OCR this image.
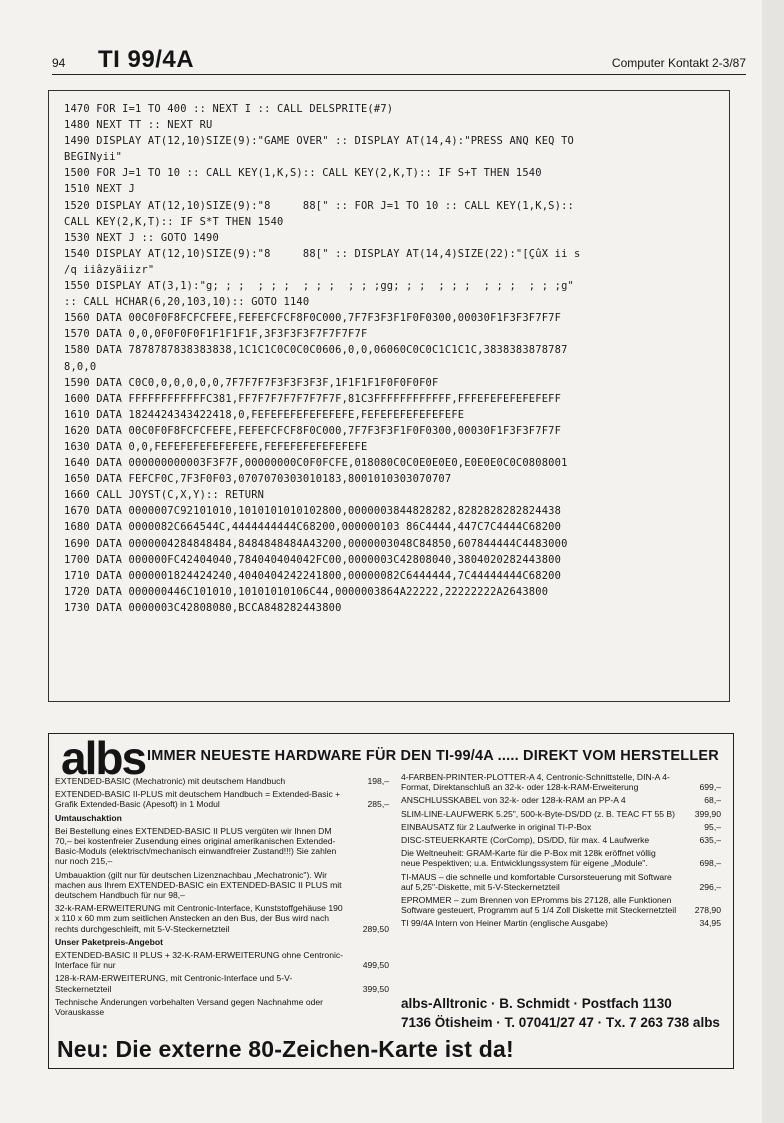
94 TI 99/4A	Computer Kontakt 2-3/87
1470 FOR I=1 TO 400 :: NEXT I :: CALL DELSPRITE(#7)
1480 NEXT TT :: NEXT RU
1490 DISPLAY AT(12,10)SIZE(9):"GAME OVER" :: DISPLAY AT(14,4):"PRESS ANQ KEQ TO
BEGINyii"
1500 FOR J=1 TO 10 :: CALL KEY(1,K,S):: CALL KEY(2,K,T):: IF S+T THEN 1540
1510 NEXT J
1520 DISPLAY AT(12,10)SIZE(9):"8     88[" :: FOR J=1 TO 10 :: CALL KEY(1,K,S)::
CALL KEY(2,K,T):: IF S*T THEN 1540
1530 NEXT J :: GOTO 1490
1540 DISPLAY AT(12,10)SIZE(9):"8     88[" :: DISPLAY AT(14,4)SIZE(22):"[ÇûX ii s
/q iiâzyäiizr"
1550 DISPLAY AT(3,1):"g; ; ;  ; ; ;  ; ; ;  ; ; ;gg; ; ;  ; ; ;  ; ; ;  ; ; ;g"
:: CALL HCHAR(6,20,103,10):: GOTO 1140
1560 DATA 00C0F0F8FCFCFEFE,FEFEFCFCF8F0C000,7F7F3F3F1F0F0300,00030F1F3F3F7F7F
1570 DATA 0,0,0F0F0F0F1F1F1F1F,3F3F3F3F7F7F7F7F
1580 DATA 7878787838383838,1C1C1C0C0C0C0606,0,0,06060C0C0C1C1C1C,3838383878787
8,0,0
1590 DATA C0C0,0,0,0,0,0,7F7F7F7F3F3F3F3F,1F1F1F1F0F0F0F0F
1600 DATA FFFFFFFFFFFFC381,FF7F7F7F7F7F7F7F,81C3FFFFFFFFFFFF,FFFEFEFEFEFEFEFF
1610 DATA 1824424343422418,0,FEFEFEFEFEFEFEFE,FEFEFEFEFEFEFEFE
1620 DATA 00C0F0F8FCFCFEFE,FEFEFCFCF8F0C000,7F7F3F3F1F0F0300,00030F1F3F3F7F7F
1630 DATA 0,0,FEFEFEFEFEFEFEFE,FEFEFEFEFEFEFEFE
1640 DATA 000000000003F3F7F,00000000C0F0FCFE,018080C0C0E0E0E0,E0E0E0C0C0808001
1650 DATA FEFCF0C,7F3F0F03,0707070303010183,8001010303070707
1660 CALL JOYST(C,X,Y):: RETURN
1670 DATA 0000007C92101010,1010101010102800,0000003844828282,8282828282824438
1680 DATA 0000082C664544C,4444444444C68200,000000103 86C4444,447C7C4444C68200
1690 DATA 0000004284848484,8484848484A43200,0000003048C84850,607844444C4483000
1700 DATA 000000FC42404040,784040404042FC00,0000003C42808040,3804020282443800
1710 DATA 0000001824424240,4040404242241800,00000082C6444444,7C44444444C68200
1720 DATA 000000446C101010,10101010106C44,0000003864A22222,22222222A2643800
1730 DATA 0000003C42808080,BCCA848282443800
albs IMMER NEUESTE HARDWARE FÜR DEN TI-99/4A ..... DIREKT VOM HERSTELLER
EXTENDED-BASIC (Mechatronic) mit deutschem Handbuch	198,–
EXTENDED-BASIC II-PLUS mit deutschem Handbuch = Extended-Basic + Grafik Extended-Basic (Apesoft) in 1 Modul	285,–
Umtauschaktion
Bei Bestellung eines EXTENDED-BASIC II PLUS vergüten wir Ihnen DM 70,– bei kostenfreier Zusendung eines original amerikanischen Extended-Basic-Moduls (elektrisch/mechanisch einwandfreier Zustand!!!) Sie zahlen nur noch 215,–
Umbauaktion (gilt nur für deutschen Lizenznachbau „Mechatronic"). Wir machen aus Ihrem EXTENDED-BASIC ein EXTENDED-BASIC II PLUS mit deutschem Handbuch für nur 98,–
32-k-RAM-ERWEITERUNG mit Centronic-Interface, Kunststoffgehäuse 190 x 110 x 60 mm zum seitlichen Anstecken an den Bus, der Bus wird nach rechts durchgeschleift, mit 5-V-Steckernetzteil	289,50
Unser Paketpreis-Angebot
EXTENDED-BASIC II PLUS + 32-K-RAM-ERWEITERUNG ohne Centronic-Interface für nur	499,50
128-k-RAM-ERWEITERUNG, mit Centronic-Interface und 5-V-Steckernetzteil	399,50
Technische Änderungen vorbehalten Versand gegen Nachnahme oder Vorauskasse
4-FARBEN-PRINTER-PLOTTER-A 4, Centronic-Schnittstelle, DIN-A 4-Format, Direktanschluß an 32-k- oder 128-k-RAM-Erweiterung	699,–
ANSCHLUSSKABEL von 32-k- oder 128-k-RAM an PP-A 4	68,–
SLIM-LINE-LAUFWERK 5.25", 500-k-Byte-DS/DD (z. B. TEAC FT 55 B)	399,90
EINBAUSATZ für 2 Laufwerke in original TI-P-Box	95,–
DISC-STEUERKARTE (CorComp), DS/DD, für max. 4 Laufwerke	635,–
Die Weltneuheit: GRAM-Karte für die P-Box mit 128k eröffnet völlig neue Pespektiven; u.a. Entwicklungssystem für eigene „Module".	698,–
TI-MAUS – die schnelle und komfortable Cursorsteuerung mit Software auf 5,25"-Diskette, mit 5-V-Steckernetzteil	296,–
EPROMMER – zum Brennen von EPromms bis 27128, alle Funktionen Software gesteuert, Programm auf 5 1/4 Zoll Diskette mit Steckernetzteil	278,90
TI 99/4A Intern von Heiner Martin (englische Ausgabe)	34,95
albs-Alltronic · B. Schmidt · Postfach 1130
7136 Ötisheim · T. 07041/27 47 · Tx. 7 263 738 albs
Neu: Die externe 80-Zeichen-Karte ist da!
